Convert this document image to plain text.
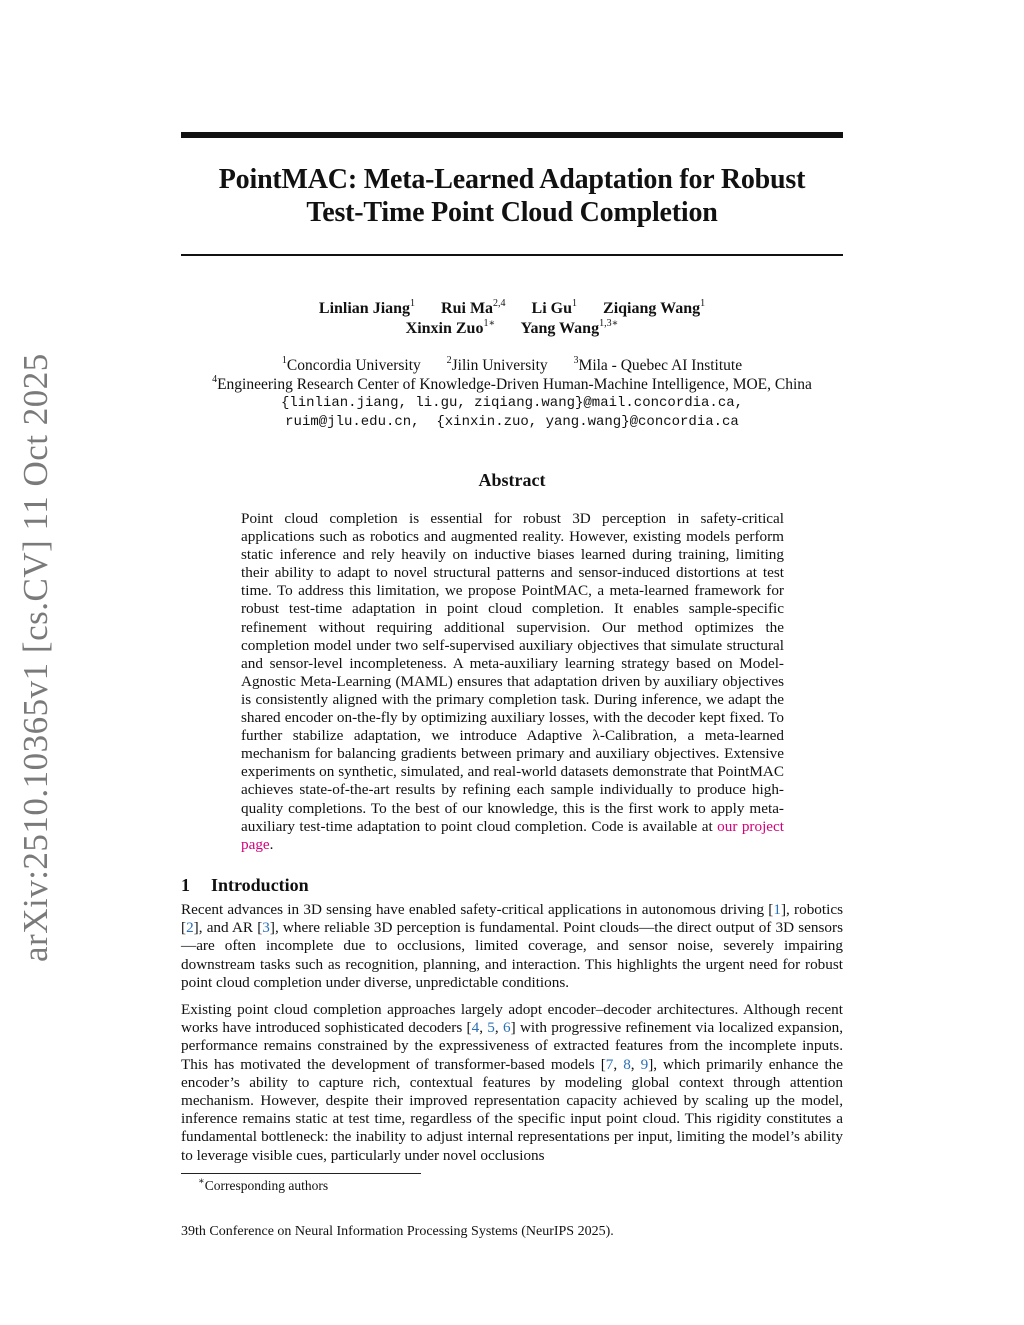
arXiv:2510.10365v1 [cs.CV] 11 Oct 2025
PointMAC: Meta-Learned Adaptation for Robust
Test-Time Point Cloud Completion
Linlian Jiang$^1$ Rui Ma$^{2,4}$ Li Gu$^1$ Ziqiang Wang$^1$
Xinxin Zuo$^{1∗}$ Yang Wang$^{1,3∗}$
$^1$Concordia University	$^2$Jilin University	$^3$Mila - Quebec AI Institute
$^4$Engineering Research Center of Knowledge-Driven Human-Machine Intelligence, MOE, China
{linlian.jiang, li.gu, ziqiang.wang}@mail.concordia.ca,
ruim@jlu.edu.cn,  {xinxin.zuo, yang.wang}@concordia.ca
Abstract
Point cloud completion is essential for robust 3D perception in safety-critical applications such as robotics and augmented reality. However, existing models perform static inference and rely heavily on inductive biases learned during training, limiting their ability to adapt to novel structural patterns and sensor-induced distortions at test time. To address this limitation, we propose PointMAC, a meta-learned framework for robust test-time adaptation in point cloud completion. It enables sample-specific refinement without requiring additional supervision. Our method optimizes the completion model under two self-supervised auxiliary objectives that simulate structural and sensor-level incompleteness. A meta-auxiliary learning strategy based on Model-Agnostic Meta-Learning (MAML) ensures that adaptation driven by auxiliary objectives is consistently aligned with the primary completion task. During inference, we adapt the shared encoder on-the-fly by optimizing auxiliary losses, with the decoder kept fixed. To further stabilize adaptation, we introduce Adaptive λ-Calibration, a meta-learned mechanism for balancing gradients between primary and auxiliary objectives. Extensive experiments on synthetic, simulated, and real-world datasets demonstrate that PointMAC achieves state-of-the-art results by refining each sample individually to produce high-quality completions. To the best of our knowledge, this is the first work to apply meta-auxiliary test-time adaptation to point cloud completion. Code is available at our project page.
1 Introduction
Recent advances in 3D sensing have enabled safety-critical applications in autonomous driving [1], robotics [2], and AR [3], where reliable 3D perception is fundamental. Point clouds—the direct output of 3D sensors—are often incomplete due to occlusions, limited coverage, and sensor noise, severely impairing downstream tasks such as recognition, planning, and interaction. This highlights the urgent need for robust point cloud completion under diverse, unpredictable conditions.
Existing point cloud completion approaches largely adopt encoder–decoder architectures. Although recent works have introduced sophisticated decoders [4, 5, 6] with progressive refinement via localized expansion, performance remains constrained by the expressiveness of extracted features from the incomplete inputs. This has motivated the development of transformer-based models [7, 8, 9], which primarily enhance the encoder’s ability to capture rich, contextual features by modeling global context through attention mechanism. However, despite their improved representation capacity achieved by scaling up the model, inference remains static at test time, regardless of the specific input point cloud. This rigidity constitutes a fundamental bottleneck: the inability to adjust internal representations per input, limiting the model’s ability to leverage visible cues, particularly under novel occlusions
∗Corresponding authors
39th Conference on Neural Information Processing Systems (NeurIPS 2025).
